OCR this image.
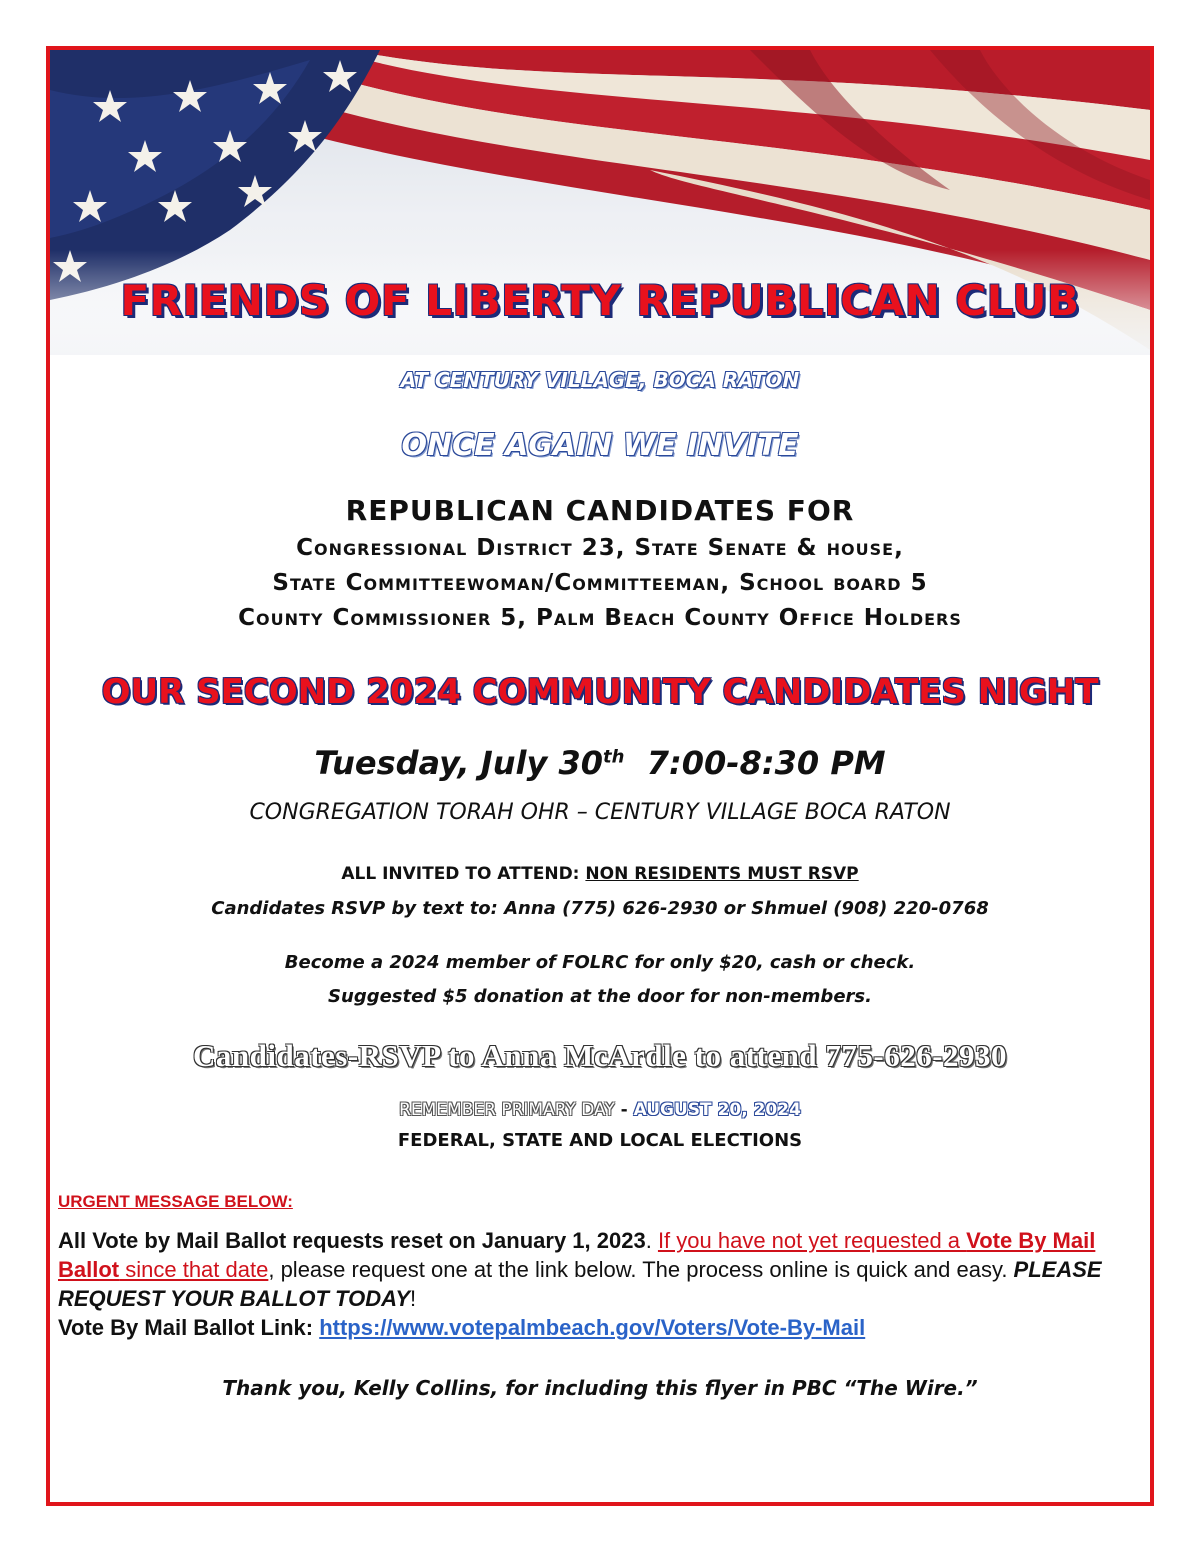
FRIENDS OF LIBERTY REPUBLICAN CLUB
AT CENTURY VILLAGE, BOCA RATON
ONCE AGAIN WE INVITE
REPUBLICAN CANDIDATES FOR
Congressional District 23, State Senate & house,
State Committeewoman/Committeeman, School board 5
County Commissioner 5, Palm Beach County Office Holders
OUR SECOND 2024 COMMUNITY CANDIDATES NIGHT
Tuesday, July 30th 7:00-8:30 PM
CONGREGATION TORAH OHR – CENTURY VILLAGE BOCA RATON
ALL INVITED TO ATTEND: NON RESIDENTS MUST RSVP
Candidates RSVP by text to: Anna (775) 626-2930 or Shmuel (908) 220-0768
Become a 2024 member of FOLRC for only $20, cash or check.
Suggested $5 donation at the door for non-members.
Candidates-RSVP to Anna McArdle to attend 775-626-2930
REMEMBER PRIMARY DAY - AUGUST 20, 2024
FEDERAL, STATE AND LOCAL ELECTIONS
URGENT MESSAGE BELOW:
All Vote by Mail Ballot requests reset on January 1, 2023. If you have not yet requested a Vote By Mail Ballot since that date, please request one at the link below. The process online is quick and easy. PLEASE REQUEST YOUR BALLOT TODAY!
Vote By Mail Ballot Link: https://www.votepalmbeach.gov/Voters/Vote-By-Mail
Thank you, Kelly Collins, for including this flyer in PBC “The Wire.”
